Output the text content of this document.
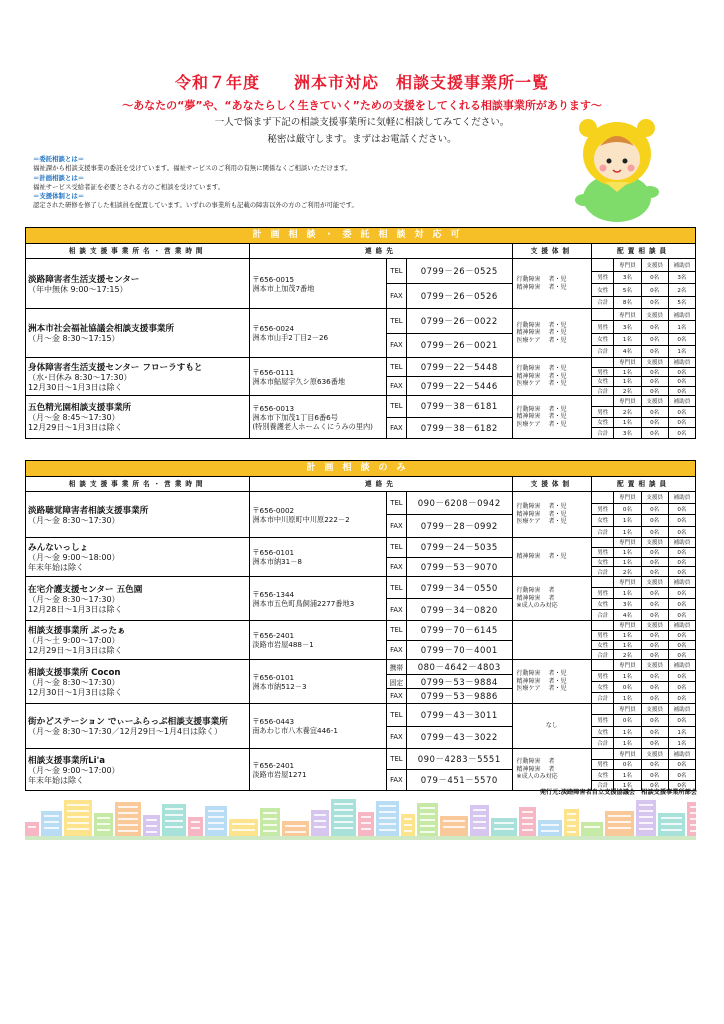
令和７年度　　洲本市対応　相談支援事業所一覧
～あなたの“夢”や、“あなたらしく生きていく”ための支援をしてくれる相談事業所があります～
一人で悩まず下記の相談支援事業所に気軽に相談してみてください。
秘密は厳守します。まずはお電話ください。
＝委託相談とは＝
福祉課から相談支援事業の委託を受けています。福祉サービスのご利用の有無に関係なくご相談いただけます。
＝計画相談とは＝
福祉サービス受給者証を必要とされる方のご相談を受けています。
＝支援体制とは＝
認定された研修を修了した相談員を配置しています。いずれの事業所も記載の障害以外の方のご利用が可能です。
計画相談・委託相談対応可
相談支援事業所名・営業時間	連絡先	支援体制	配置相談員
淡路障害者生活支援センター
（年中無休 9:00～17:15）
〒656-0015
洲本市上加茂7番地
TEL	0799－26－0525
FAX	0799－26－0526
行動障害　 者・児
精神障害　 者・児
専門員	支援員	補助員
男性	3名	0名	3名
女性	5名	0名	2名
合計	8名	0名	5名
洲本市社会福祉協議会相談支援事業所
（月～金 8:30～17:15）
〒656-0024
洲本市山手2丁目2－26
TEL	0799－26－0022
FAX	0799－26－0021
行動障害　 者・児
精神障害　 者・児
医療ケア　 者・児
専門員	支援員	補助員
男性	3名	0名	1名
女性	1名	0名	0名
合計	4名	0名	1名
身体障害者生活支援センター フローラすもと
（水･日休み 8:30～17:30）
12月30日～1月3日は除く
〒656-0111
洲本市鮎屋字久シ原636番地
TEL	0799－22－5448
FAX	0799－22－5446
行動障害　 者・児
精神障害　 者・児
医療ケア　 者・児
専門員	支援員	補助員
男性	1名	0名	0名
女性	1名	0名	0名
合計	2名	0名	0名
五色精光園相談支援事業所
（月～金 8:45～17:30）
12月29日～1月3日は除く
〒656-0013
洲本市下加茂1丁目6番6号
(特別養護老人ホームくにうみの里内)
TEL	0799－38－6181
FAX	0799－38－6182
行動障害　 者・児
精神障害　 者・児
医療ケア　 者・児
専門員	支援員	補助員
男性	2名	0名	0名
女性	1名	0名	0名
合計	3名	0名	0名
計画相談のみ
相談支援事業所名・営業時間	連絡先	支援体制	配置相談員
淡路聴覚障害者相談支援事業所
（月～金 8:30～17:30）
〒656-0002
洲本市中川原町中川原222－2
TEL	090－6208－0942
FAX	0799－28－0992
行動障害　 者・児
精神障害　 者・児
医療ケア　 者・児
専門員	支援員	補助員
男性	0名	0名	0名
女性	1名	0名	0名
合計	1名	0名	0名
みんないっしょ
（月～金 9:00～18:00）
年末年始は除く
〒656-0101
洲本市納31－8
TEL	0799－24－5035
FAX	0799－53－9070
精神障害　 者・児
専門員	支援員	補助員
男性	1名	0名	0名
女性	1名	0名	0名
合計	2名	0名	0名
在宅介護支援センター 五色園
（月～金 8:30～17:30）
12月28日～1月3日は除く
〒656-1344
洲本市五色町鳥飼浦2277番地3
TEL	0799－34－0550
FAX	0799－34－0820
行動障害　 者
精神障害　 者
※成人のみ対応
専門員	支援員	補助員
男性	1名	0名	0名
女性	3名	0名	0名
合計	4名	0名	0名
相談支援事業所 ぷったぁ
（月～土 9:00～17:00）
12月29日～1月3日は除く
〒656-2401
淡路市岩屋488－1
TEL	0799－70－6145
FAX	0799－70－4001
専門員	支援員	補助員
男性	1名	0名	0名
女性	1名	0名	0名
合計	2名	0名	0名
相談支援事業所 Cocon
（月～金 8:30～17:30）
12月30日～1月3日は除く
〒656-0101
洲本市納512－3
携帯	080－4642－4803
固定	0799－53－9884
FAX	0799－53－9886
行動障害　 者・児
精神障害　 者・児
医療ケア　 者・児
専門員	支援員	補助員
男性	1名	0名	0名
女性	0名	0名	0名
合計	1名	0名	0名
街かどステーション でぃーふらっぷ相談支援事業所
（月～金 8:30～17:30／12月29日～1月4日は除く）
〒656-0443
南あわじ市八木養宜446-1
TEL	0799－43－3011
FAX	0799－43－3022
なし
専門員	支援員	補助員
男性	0名	0名	0名
女性	1名	0名	1名
合計	1名	0名	1名
相談支援事業所Li'a
（月～金 9:00～17:00）
年末年始は除く
〒656-2401
淡路市岩屋1271
TEL	090－4283－5551
FAX	079－451－5570
行動障害　 者
精神障害　 者
※成人のみ対応
専門員	支援員	補助員
男性	0名	0名	0名
女性	1名	0名	0名
合計	1名	0名	0名
発行元:淡路障害者自立支援協議会　相談支援事業所部会
